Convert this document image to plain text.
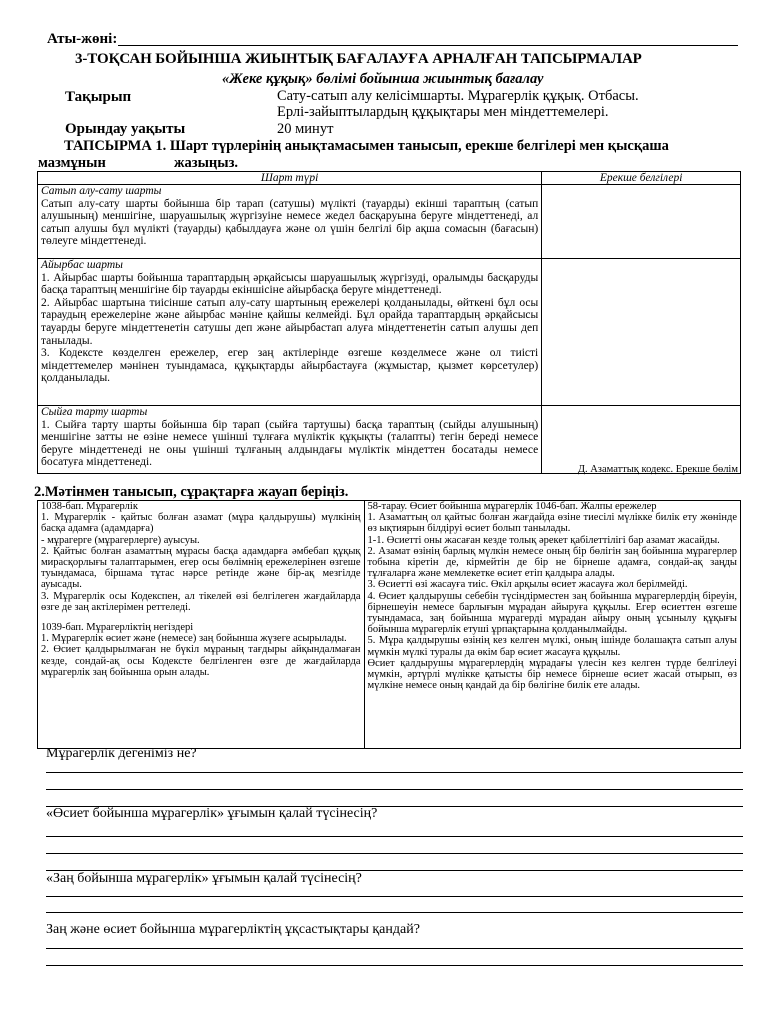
Аты-жөні:
3-ТОҚСАН БОЙЫНША ЖИЫНТЫҚ БАҒАЛАУҒА АРНАЛҒАН ТАПСЫРМАЛАР
«Жеке құқық» бөлімі бойынша жиынтық бағалау
Тақырып	Сату-сатып алу келісімшарты. Мұрагерлік құқық. Отбасы.
Ерлі-зайыптылардың құқықтары мен міндеттемелері.
Орындау уақыты	20 минут
ТАПСЫРМА 1. Шарт түрлерінің анықтамасымен танысып, ерекше белгілері мен қысқаша
мазмұнын	жазыңыз.
Шарт түрі	Ерекше белгілері

Сатып алу-сату шарты

Сатып алу-сату шарты бойынша бір тарап (сатушы) мүлікті (тауарды) екінші тараптың (сатып алушының) меншігіне, шаруашылық жүргізуіне немесе жедел басқаруына беруге міндеттенеді, ал сатып алушы бұл мүлікті (тауарды) қабылдауға және ол үшін белгілі бір ақша сомасын (бағасын) төлеуге міндеттенеді.	

Айырбас шарты

1. Айырбас шарты бойынша тараптардың әрқайсысы шаруашылық жүргізуді, оралымды басқаруды басқа тараптың меншігіне бір тауарды екіншісіне айырбасқа беруге міндеттенеді.

2. Айырбас шартына тиісінше сатып алу-сату шартының ережелері қолданылады, өйткені бұл осы тараудың ережелеріне және айырбас мәніне қайшы келмейді. Бұл орайда тараптардың әрқайсысы тауарды беруге міндеттенетін сатушы деп және айырбастап алуға міндеттенетін сатып алушы деп танылады.

3. Кодексте көзделген ережелер, егер заң актілерінде өзгеше көзделмесе және ол тиісті міндеттемелер мәнінен туындамаса, құқықтарды айырбастауға (жұмыстар, қызмет көрсетулер) қолданылады.	

Сыйға тарту шарты

1. Сыйға тарту шарты бойынша бір тарап (сыйға тартушы) басқа тараптың (сыйды алушының) меншігіне затты не өзіне немесе үшінші тұлғаға мүліктік құқықты (талапты) тегін береді немесе беруге міндеттенеді не оны үшінші тұлғаның алдындағы мүліктік міндеттен босатады немесе босатуға міндеттенеді.	

Д. Азаматтық кодекс. Ерекше бөлім
2.Мәтінмен танысып, сұрақтарға жауап беріңіз.

1038-бап. Мұрагерлік

1. Мұрагерлік - қайтыс болған азамат (мұра қалдырушы) мүлкінің басқа адамға (адамдарға)

- мұрагерге (мұрагерлерге) ауысуы.

2. Қайтыс болған азаматтың мұрасы басқа адамдарға әмбебап құқық мирасқорлығы талаптарымен, егер осы бөлімнің ережелерінен өзгеше туындамаса, біршама тұтас нәрсе ретінде және бір-ақ мезгілде ауысады.

3. Мұрагерлік осы Кодекспен, ал тікелей өзі белгілеген жағдайларда өзге де заң актілерімен реттеледі.

1039-бап. Мұрагерліктің негіздері

1. Мұрагерлік өсиет және (немесе) заң бойынша жүзеге асырылады.

2. Өсиет қалдырылмаған не бүкіл мұраның тағдыры айқындалмаған кезде, сондай-ақ осы Кодексте белгіленген өзге де жағдайларда мұрагерлік заң бойынша орын алады.

58-тарау. Өсиет бойынша мұрагерлік 1046-бап. Жалпы ережелер

1. Азаматтың ол қайтыс болған жағдайда өзіне тиесілі мүлікке билік ету жөнінде өз ықтиярын білдіруі өсиет болып танылады.

1-1. Өсиетті оны жасаған кезде толық әрекет қабілеттілігі бар азамат жасайды.

2. Азамат өзінің барлық мүлкін немесе оның бір бөлігін заң бойынша мұрагерлер тобына кіретін де, кірмейтін де бір не бірнеше адамға, сондай-ақ заңды тұлғаларға және мемлекетке өсиет етіп қалдыра алады.

3. Өсиетті өзі жасауға тиіс. Өкіл арқылы өсиет жасауға жол берілмейді.

4. Өсиет қалдырушы себебін түсіндірместен заң бойынша мұрагерлердің біреуін, бірнешеуін немесе барлығын мұрадан айыруға құқылы. Егер өсиеттен өзгеше туындамаса, заң бойынша мұрагерді мұрадан айыру оның ұсынылу құқығы бойынша мұрагерлік етуші ұрпақтарына қолданылмайды.

5. Мұра қалдырушы өзінің кез келген мүлкі, оның ішінде болашақта сатып алуы мүмкін мүлкі туралы да өкім бар өсиет жасауға құқылы.

Өсиет қалдырушы мұрагерлердің мұрадағы үлесін кез келген түрде белгілеуі мүмкін, әртүрлі мүлікке қатысты бір немесе бірнеше өсиет жасай отырып, өз мүлкіне немесе оның қандай да бір бөлігіне билік ете алады.

Мұрагерлік дегеніміз не?
«Өсиет бойынша мұрагерлік» ұғымын қалай түсінесің?
«Заң бойынша мұрагерлік» ұғымын қалай түсінесің?
Заң және өсиет бойынша мұрагерліктің ұқсастықтары қандай?
